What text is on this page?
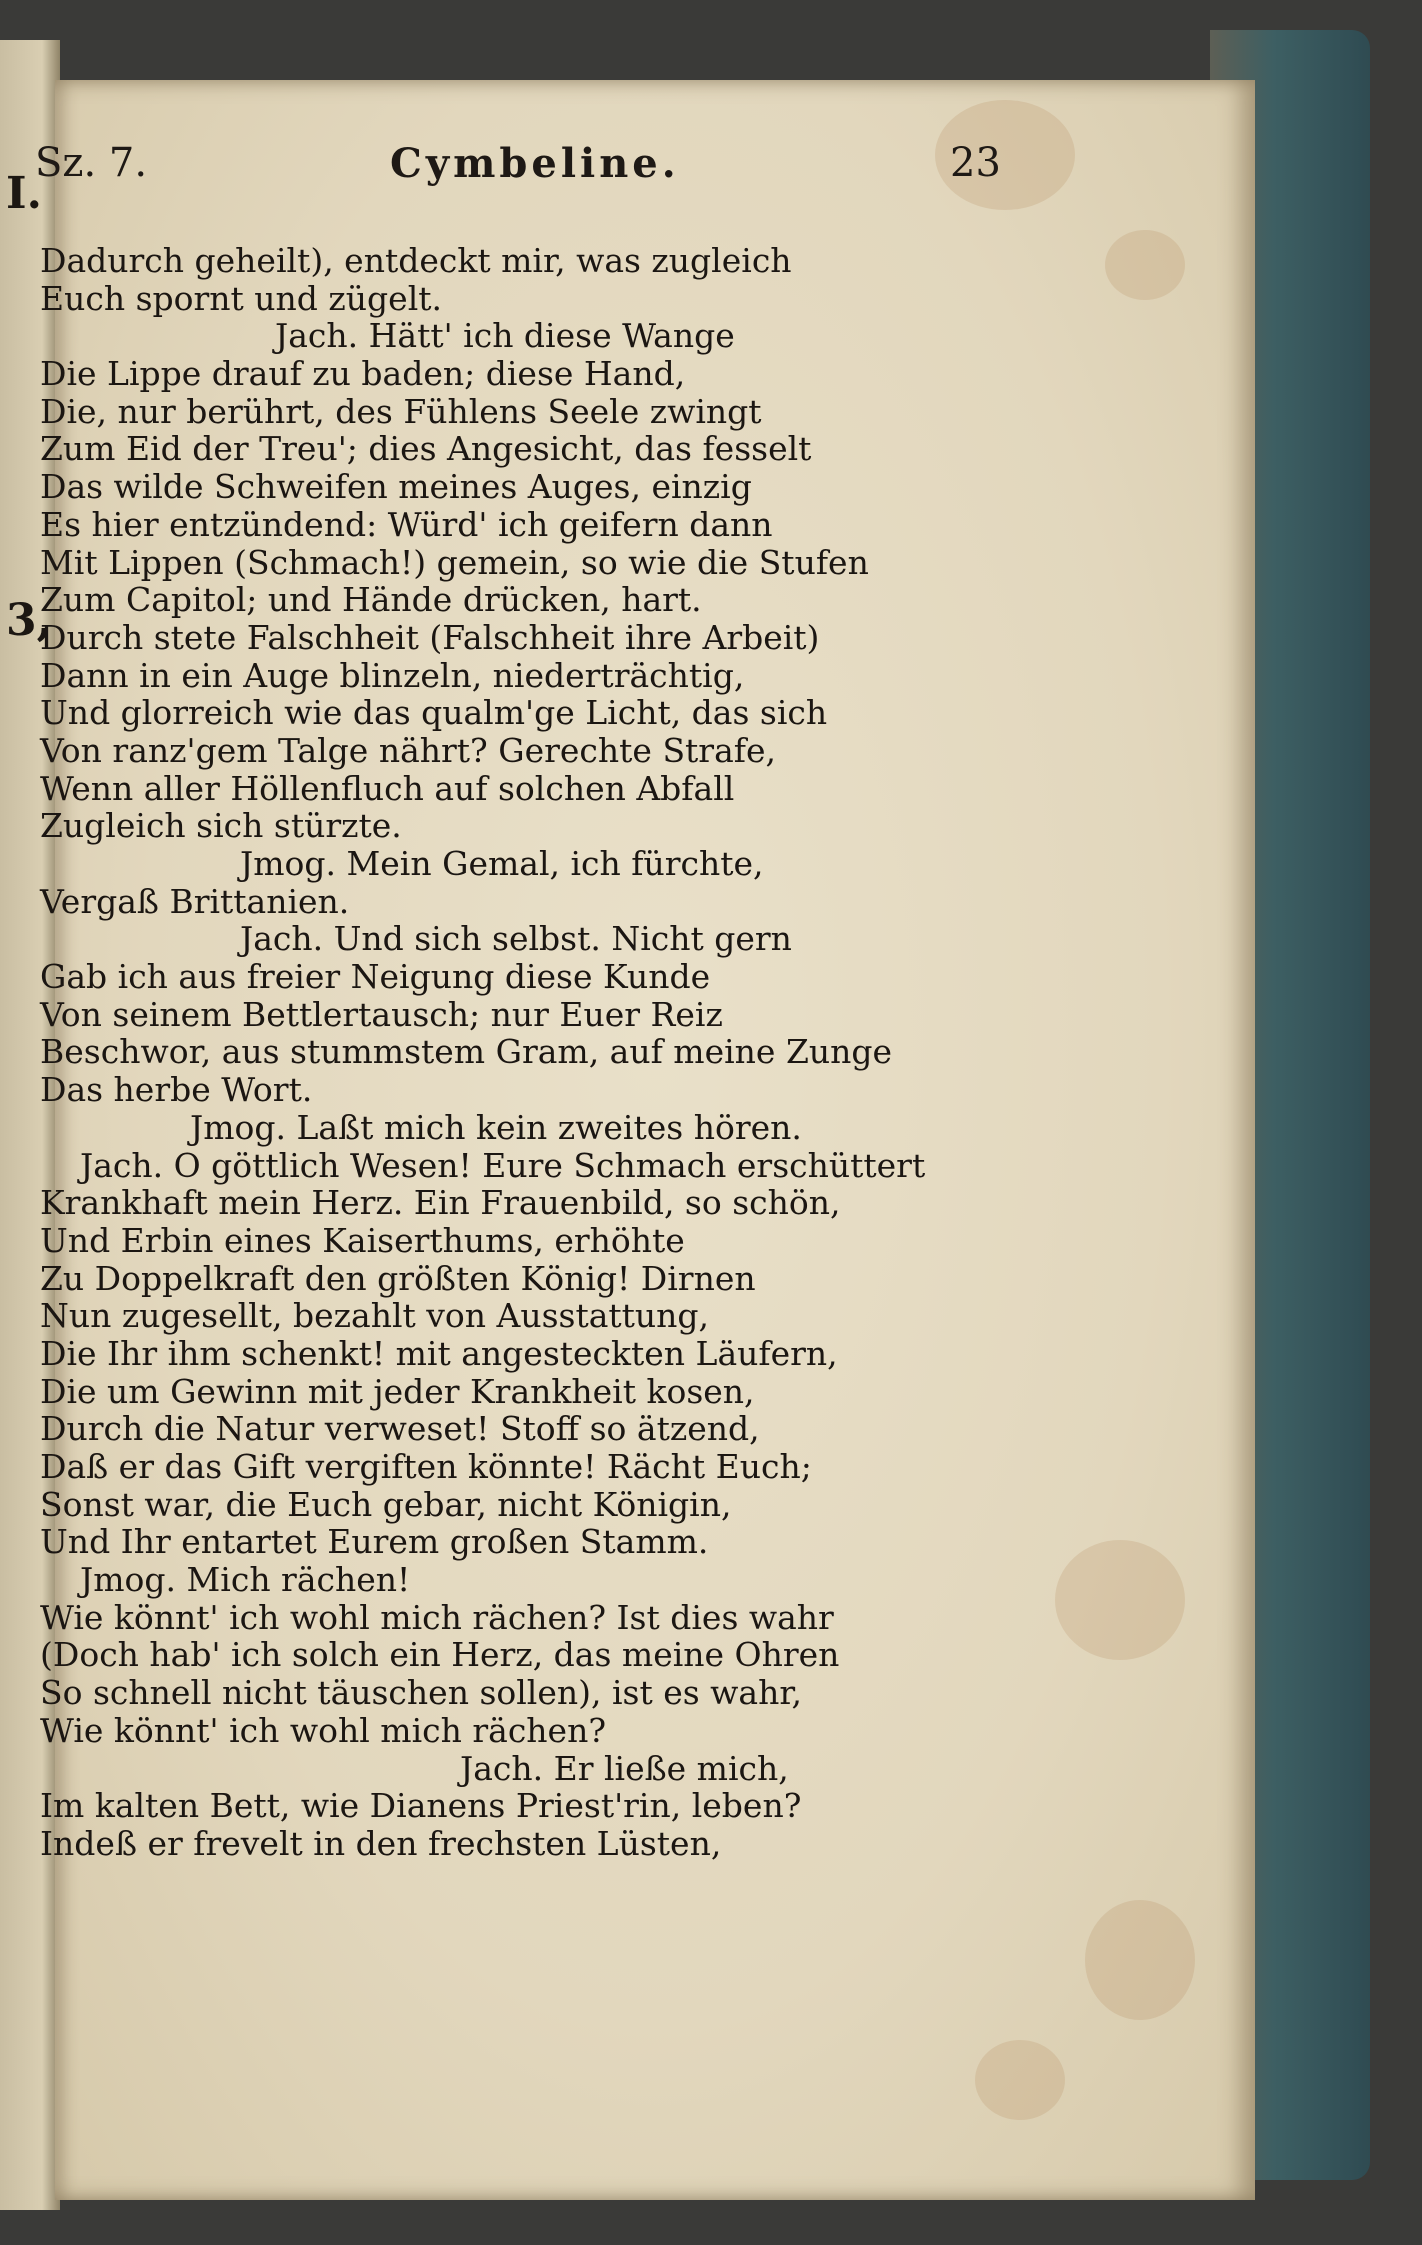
I.
3,
Sz. 7.	Cymbeline.	23
Dadurch geheilt), entdeckt mir, was zugleich
Euch spornt und zügelt.
Jach. Hätt' ich diese Wange
Die Lippe drauf zu baden; diese Hand,
Die, nur berührt, des Fühlens Seele zwingt
Zum Eid der Treu'; dies Angesicht, das fesselt
Das wilde Schweifen meines Auges, einzig
Es hier entzündend: Würd' ich geifern dann
Mit Lippen (Schmach!) gemein, so wie die Stufen
Zum Capitol; und Hände drücken, hart.
Durch stete Falschheit (Falschheit ihre Arbeit)
Dann in ein Auge blinzeln, niederträchtig,
Und glorreich wie das qualm'ge Licht, das sich
Von ranz'gem Talge nährt? Gerechte Strafe,
Wenn aller Höllenfluch auf solchen Abfall
Zugleich sich stürzte.
Jmog. Mein Gemal, ich fürchte,
Vergaß Brittanien.
Jach. Und sich selbst. Nicht gern
Gab ich aus freier Neigung diese Kunde
Von seinem Bettlertausch; nur Euer Reiz
Beschwor, aus stummstem Gram, auf meine Zunge
Das herbe Wort.
Jmog. Laßt mich kein zweites hören.
Jach. O göttlich Wesen! Eure Schmach erschüttert
Krankhaft mein Herz. Ein Frauenbild, so schön,
Und Erbin eines Kaiserthums, erhöhte
Zu Doppelkraft den größten König! Dirnen
Nun zugesellt, bezahlt von Ausstattung,
Die Ihr ihm schenkt! mit angesteckten Läufern,
Die um Gewinn mit jeder Krankheit kosen,
Durch die Natur verweset! Stoff so ätzend,
Daß er das Gift vergiften könnte! Rächt Euch;
Sonst war, die Euch gebar, nicht Königin,
Und Ihr entartet Eurem großen Stamm.
Jmog. Mich rächen!
Wie könnt' ich wohl mich rächen? Ist dies wahr
(Doch hab' ich solch ein Herz, das meine Ohren
So schnell nicht täuschen sollen), ist es wahr,
Wie könnt' ich wohl mich rächen?
Jach. Er ließe mich,
Im kalten Bett, wie Dianens Priest'rin, leben?
Indeß er frevelt in den frechsten Lüsten,
